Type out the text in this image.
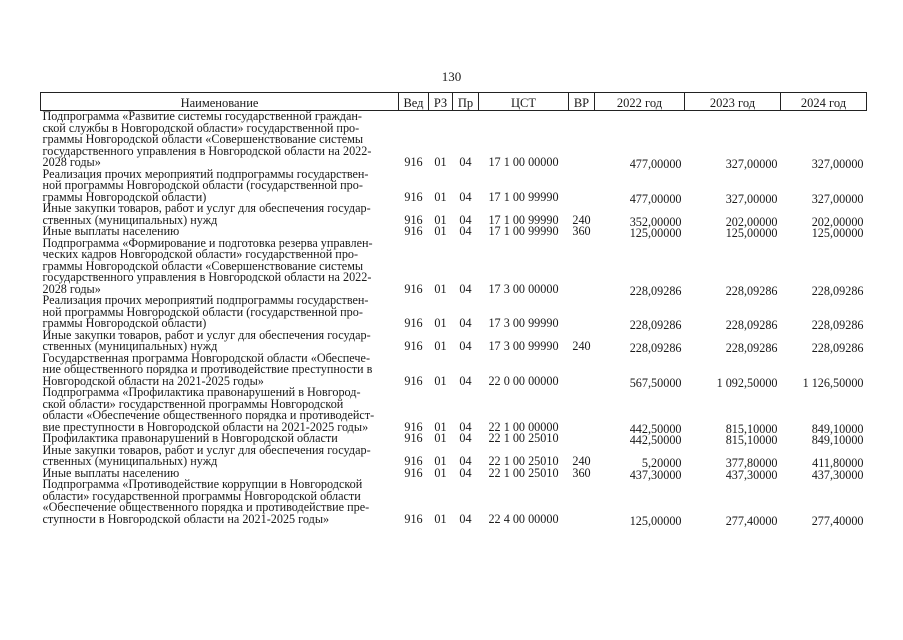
130
Наименование	Вед	РЗ	Пр	ЦСТ	ВР	2022 год	2023 год	2024 год

Подпрограмма «Развитие системы государственной граждан-
ской службы в Новгородской области» государственной про-
граммы Новгородской области «Совершенствование системы
государственного управления в Новгородской области на 2022-
2028 годы»	916	01	04	17 1 00 00000		477,00000	327,00000	327,00000

Реализация прочих мероприятий подпрограммы государствен-
ной программы Новгородской области (государственной про-
граммы Новгородской области)	916	01	04	17 1 00 99990		477,00000	327,00000	327,00000

Иные закупки товаров, работ и услуг для обеспечения государ-
ственных (муниципальных) нужд	916	01	04	17 1 00 99990	240	352,00000	202,00000	202,00000

Иные выплаты населению	916	01	04	17 1 00 99990	360	125,00000	125,00000	125,00000

Подпрограмма «Формирование и подготовка резерва управлен-
ческих кадров Новгородской области» государственной про-
граммы Новгородской области «Совершенствование системы
государственного управления в Новгородской области на 2022-
2028 годы»	916	01	04	17 3 00 00000		228,09286	228,09286	228,09286

Реализация прочих мероприятий подпрограммы государствен-
ной программы Новгородской области (государственной про-
граммы Новгородской области)	916	01	04	17 3 00 99990		228,09286	228,09286	228,09286

Иные закупки товаров, работ и услуг для обеспечения государ-
ственных (муниципальных) нужд	916	01	04	17 3 00 99990	240	228,09286	228,09286	228,09286

Государственная программа Новгородской области «Обеспече-
ние общественного порядка и противодействие преступности в
Новгородской области на 2021-2025 годы»	916	01	04	22 0 00 00000		567,50000	1 092,50000	1 126,50000

Подпрограмма «Профилактика правонарушений в Новгород-
ской области» государственной программы Новгородской
области «Обеспечение общественного порядка и противодейст-
вие преступности в Новгородской области на 2021-2025 годы»	916	01	04	22 1 00 00000		442,50000	815,10000	849,10000

Профилактика правонарушений в Новгородской области	916	01	04	22 1 00 25010		442,50000	815,10000	849,10000

Иные закупки товаров, работ и услуг для обеспечения государ-
ственных (муниципальных) нужд	916	01	04	22 1 00 25010	240	5,20000	377,80000	411,80000

Иные выплаты населению	916	01	04	22 1 00 25010	360	437,30000	437,30000	437,30000

Подпрограмма «Противодействие коррупции в Новгородской
области» государственной программы Новгородской области
«Обеспечение общественного порядка и противодействие пре-
ступности в Новгородской области на 2021-2025 годы»	916	01	04	22 4 00 00000		125,00000	277,40000	277,40000
